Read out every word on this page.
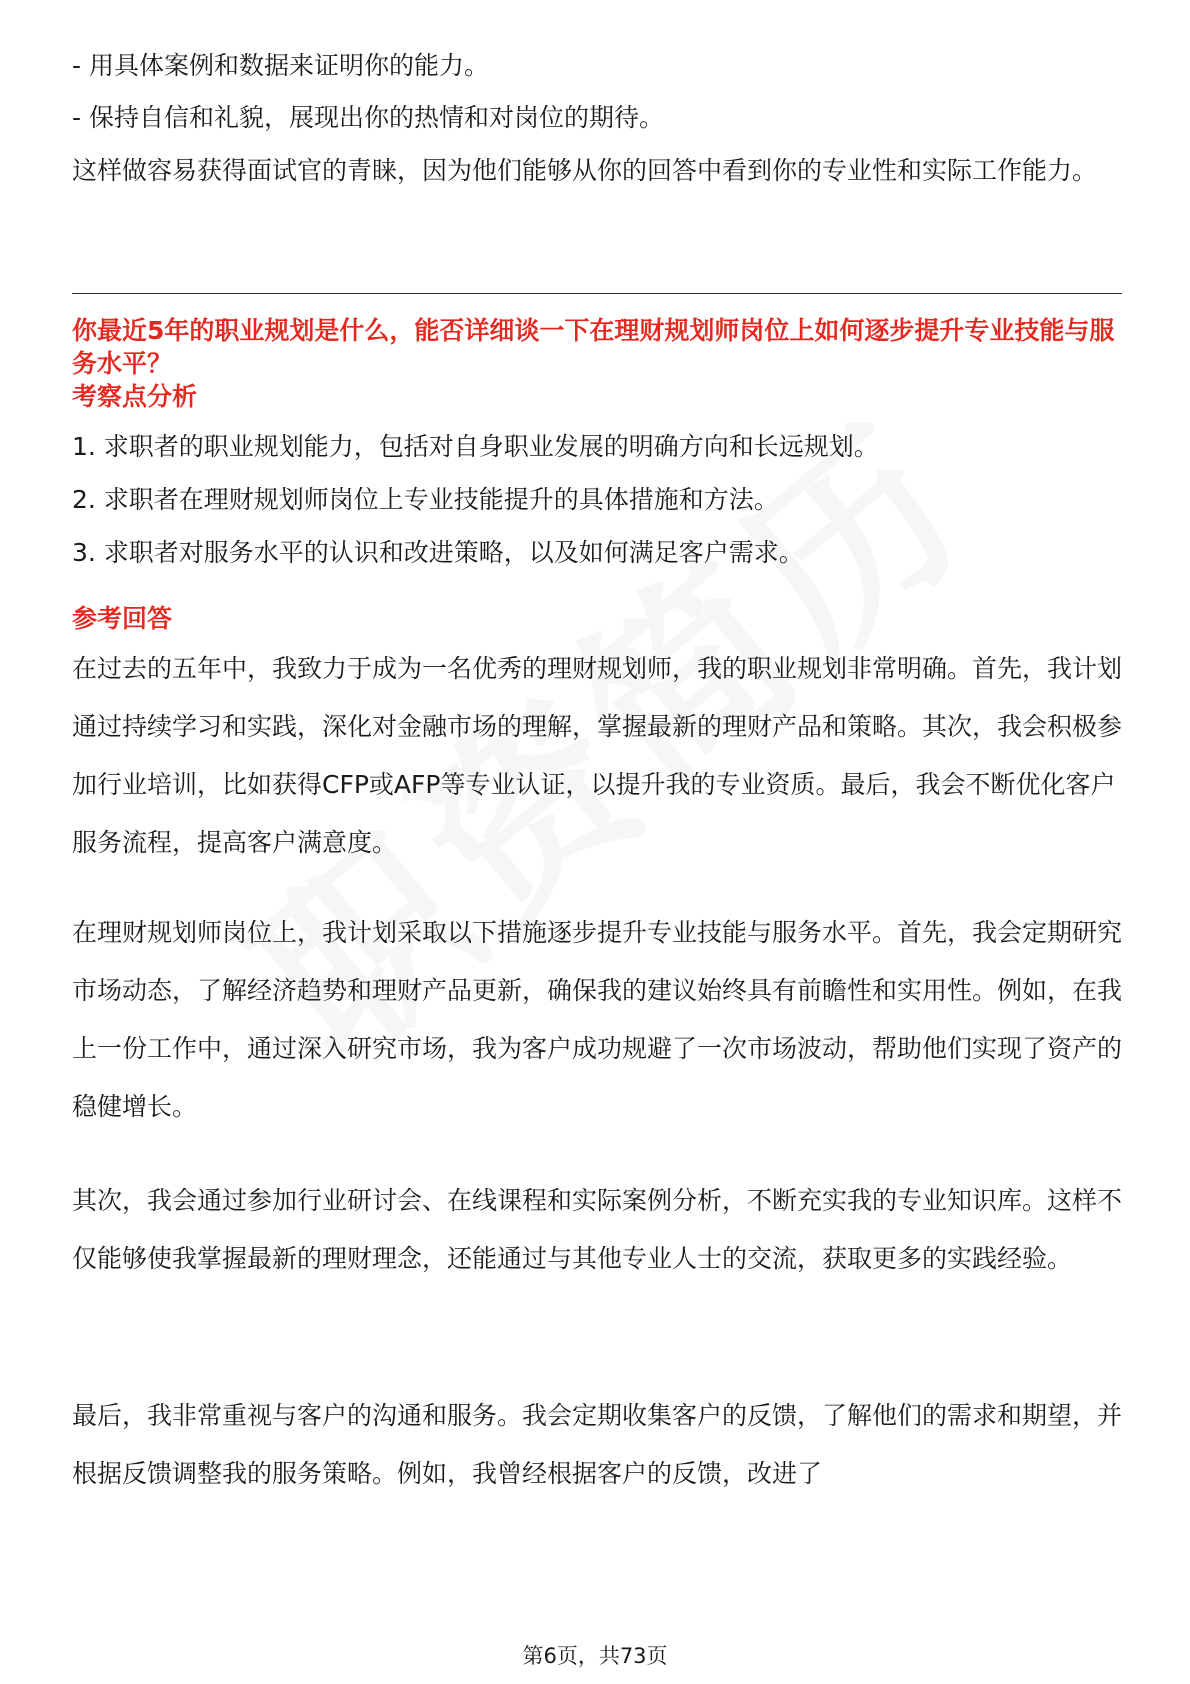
- 用具体案例和数据来证明你的能力。

- 保持自信和礼貌，展现出你的热情和对岗位的期待。

这样做容易获得面试官的青睐，因为他们能够从你的回答中看到你的专业性和实际工作能力。

你最近5年的职业规划是什么，能否详细谈一下在理财规划师岗位上如何逐步提升专业技能与服务水平？

考察点分析

1. 求职者的职业规划能力，包括对自身职业发展的明确方向和长远规划。

2. 求职者在理财规划师岗位上专业技能提升的具体措施和方法。

3. 求职者对服务水平的认识和改进策略，以及如何满足客户需求。

参考回答

在过去的五年中，我致力于成为一名优秀的理财规划师，我的职业规划非常明确。首先，我计划通过持续学习和实践，深化对金融市场的理解，掌握最新的理财产品和策略。其次，我会积极参加行业培训，比如获得CFP或AFP等专业认证，以提升我的专业资质。最后，我会不断优化客户服务流程，提高客户满意度。

在理财规划师岗位上，我计划采取以下措施逐步提升专业技能与服务水平。首先，我会定期研究市场动态，了解经济趋势和理财产品更新，确保我的建议始终具有前瞻性和实用性。例如，在我上一份工作中，通过深入研究市场，我为客户成功规避了一次市场波动，帮助他们实现了资产的稳健增长。

其次，我会通过参加行业研讨会、在线课程和实际案例分析，不断充实我的专业知识库。这样不仅能够使我掌握最新的理财理念，还能通过与其他专业人士的交流，获取更多的实践经验。

最后，我非常重视与客户的沟通和服务。我会定期收集客户的反馈，了解他们的需求和期望，并根据反馈调整我的服务策略。例如，我曾经根据客户的反馈，改进了

第6页，共73页
